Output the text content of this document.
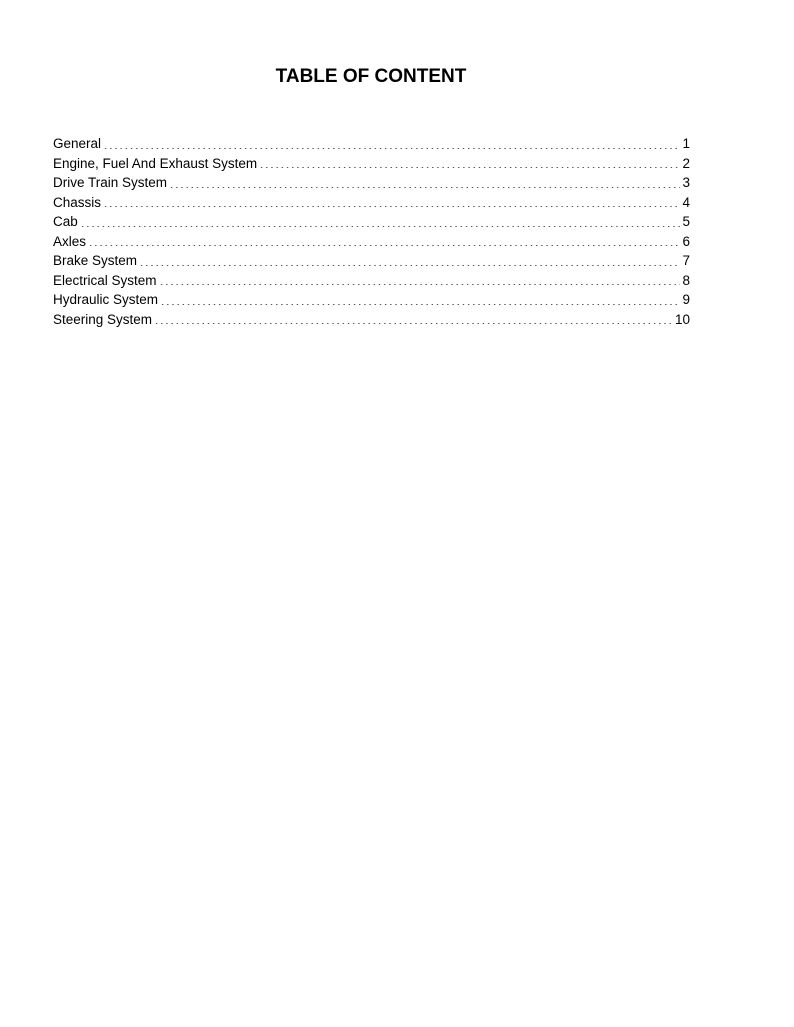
TABLE OF CONTENT
General	1
Engine, Fuel And Exhaust System	2
Drive Train System	3
Chassis	4
Cab	5
Axles	6
Brake System	7
Electrical System	8
Hydraulic System	9
Steering System	10
